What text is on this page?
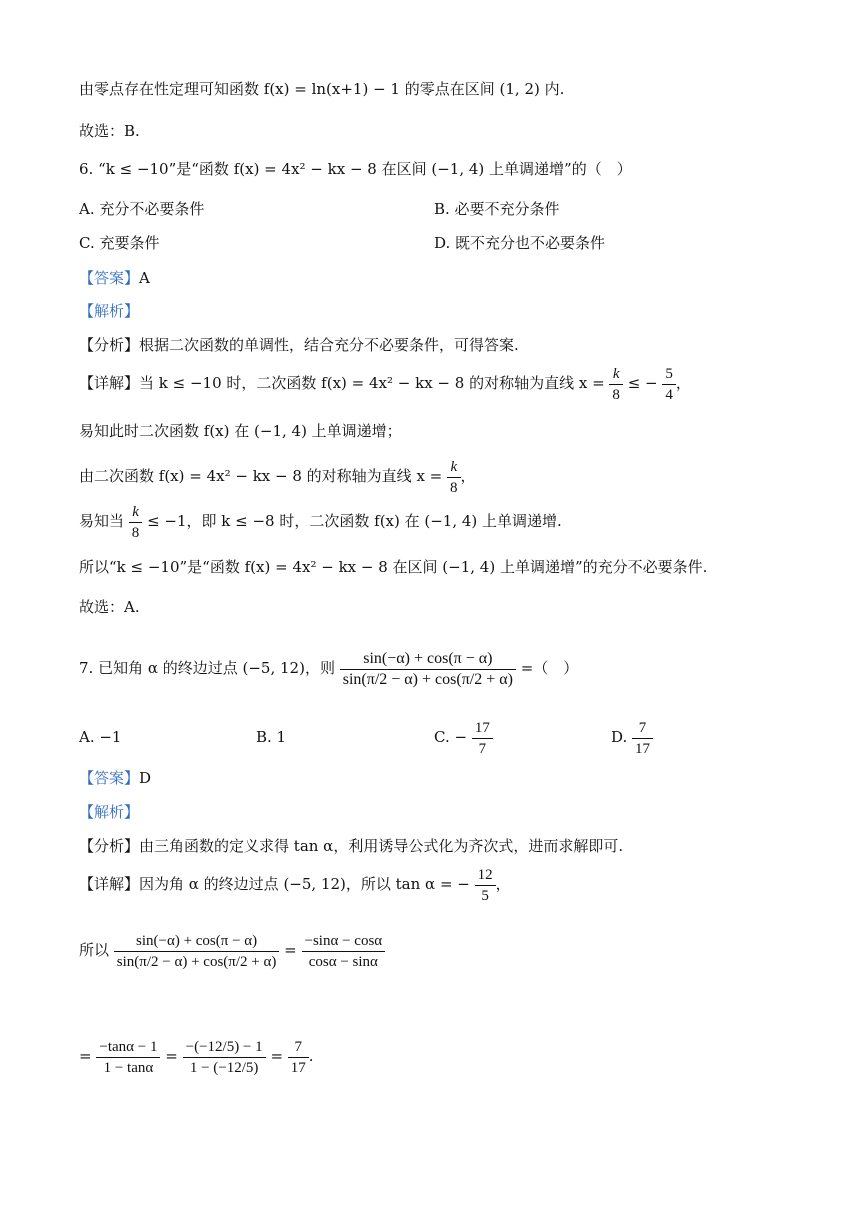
由零点存在性定理可知函数 f(x) = ln(x+1) − 1 的零点在区间 (1, 2) 内.
故选：B.
6. “k ≤ −10”是“函数 f(x) = 4x² − kx − 8 在区间 (−1, 4) 上单调递增”的（　）
A. 充分不必要条件	B. 必要不充分条件
C. 充要条件	D. 既不充分也不必要条件
【答案】A
【解析】
【分析】根据二次函数的单调性，结合充分不必要条件，可得答案.
【详解】当 k ≤ −10 时，二次函数 f(x) = 4x² − kx − 8 的对称轴为直线 $x = \frac{k}{8}$ ≤ − $\frac{5}{4}$ ，
易知此时二次函数 f(x) 在 (−1, 4) 上单调递增；
由二次函数 f(x) = 4x² − kx − 8 的对称轴为直线 $x = \frac{k}{8}$ ，
易知当 $\frac{k}{8} \le -1$，即 k ≤ −8 时，二次函数 f(x) 在 (−1, 4) 上单调递增.
所以“k ≤ −10”是“函数 f(x) = 4x² − kx − 8 在区间 (−1, 4) 上单调递增”的充分不必要条件.
故选：A.
7. 已知角 α 的终边过点 (−5, 12)，则 $\frac{\sin(-\alpha) + \cos(\pi - \alpha)}{\sin(\pi/2 - \alpha) + \cos(\pi/2 + \alpha)}$ =（　）
A. −1	B. 1	C. − $\frac{17}{7}$	D. $\frac{7}{17}$
【答案】D
【解析】
【分析】由三角函数的定义求得 tan α，利用诱导公式化为齐次式，进而求解即可.
【详解】因为角 α 的终边过点 (−5, 12)，所以 tan α = − $\frac{12}{5}$ ，
所以 $\frac{\sin(-\alpha) + \cos(\pi - \alpha)}{\sin(\pi/2 - \alpha) + \cos(\pi/2 + \alpha)} = \frac{-\sin\alpha - \cos\alpha}{\cos\alpha - \sin\alpha}$
= $\frac{-\tan\alpha - 1}{1 - \tan\alpha} = \frac{-(-12/5) - 1}{1 - (-12/5)} = \frac{7}{17}$ .
